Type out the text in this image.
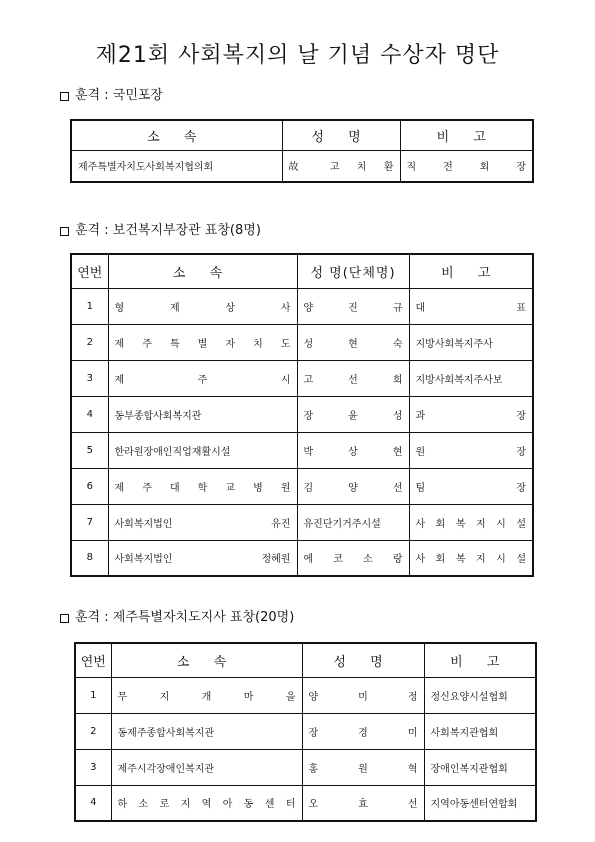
제21회 사회복지의 날 기념 수상자 명단
훈격 : 국민포장
소 속	성 명	비 고
제주특별자치도사회복지협의회	故 고 치 환	직 전 회 장
훈격 : 보건복지부장관 표창(8명)
연번	소 속	성 명(단체명)	비 고
1	형 제 상 사	양 진 규	대 표
2	제 주 특 별 자 치 도	성 현 숙	지방사회복지주사
3	제 주 시	고 선 희	지방사회복지주사보
4	동부종합사회복지관	장 윤 성	과 장
5	한라원장애인직업재활시설	박 상 현	원 장
6	제 주 대 학 교 병 원	김 양 선	팀 장
7	사회복지법인 유진	유진단기거주시설	사 회 복 지 시 설
8	사회복지법인 정혜원	에 코 소 랑	사 회 복 지 시 설
훈격 : 제주특별자치도지사 표창(20명)
연번	소 속	성 명	비 고
1	무 지 개 마 을	양 미 정	정신요양시설협회
2	동제주종합사회복지관	장 경 미	사회복지관협회
3	제주시각장애인복지관	홍 원 혁	장애인복지관협회
4	하 소 로 지 역 아 동 센 터	오 효 선	지역아동센터연합회
